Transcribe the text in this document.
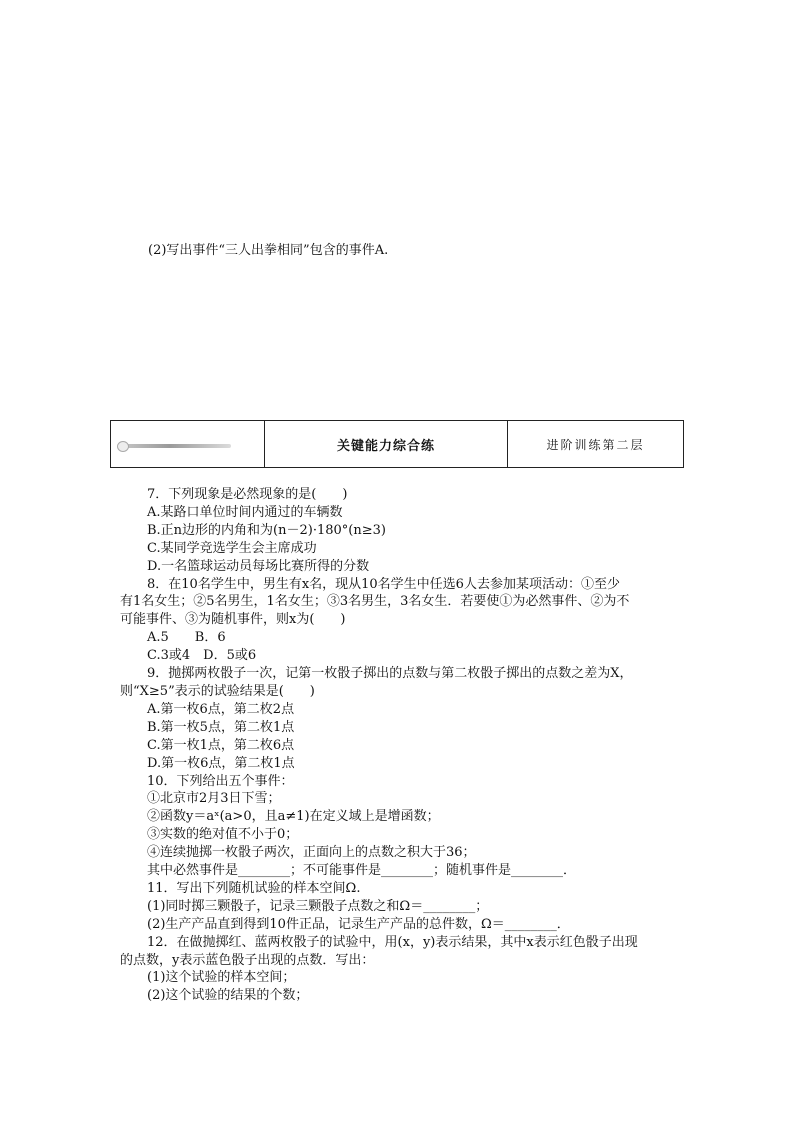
(2)写出事件“三人出拳相同”包含的事件A.
关键能力综合练	进阶训练第二层
7．下列现象是必然现象的是(　　)
A.某路口单位时间内通过的车辆数
B.正n边形的内角和为(n－2)·180°(n≥3)
C.某同学竞选学生会主席成功
D.一名篮球运动员每场比赛所得的分数
8．在10名学生中，男生有x名，现从10名学生中任选6人去参加某项活动：①至少
有1名女生；②5名男生，1名女生；③3名男生，3名女生．若要使①为必然事件、②为不
可能事件、③为随机事件，则x为(　　)
A.5　　B．6
C.3或4　D．5或6
9．抛掷两枚骰子一次，记第一枚骰子掷出的点数与第二枚骰子掷出的点数之差为X，
则“X≥5”表示的试验结果是(　　)
A.第一枚6点，第二枚2点
B.第一枚5点，第二枚1点
C.第一枚1点，第二枚6点
D.第一枚6点，第二枚1点
10．下列给出五个事件：
①北京市2月3日下雪；
②函数y＝aˣ(a>0，且a≠1)在定义域上是增函数；
③实数的绝对值不小于0；
④连续抛掷一枚骰子两次，正面向上的点数之积大于36；
其中必然事件是________；不可能事件是________；随机事件是________．
11．写出下列随机试验的样本空间Ω.
(1)同时掷三颗骰子，记录三颗骰子点数之和Ω＝________；
(2)生产产品直到得到10件正品，记录生产产品的总件数，Ω＝________．
12．在做抛掷红、蓝两枚骰子的试验中，用(x，y)表示结果，其中x表示红色骰子出现
的点数，y表示蓝色骰子出现的点数．写出：
(1)这个试验的样本空间；
(2)这个试验的结果的个数；
